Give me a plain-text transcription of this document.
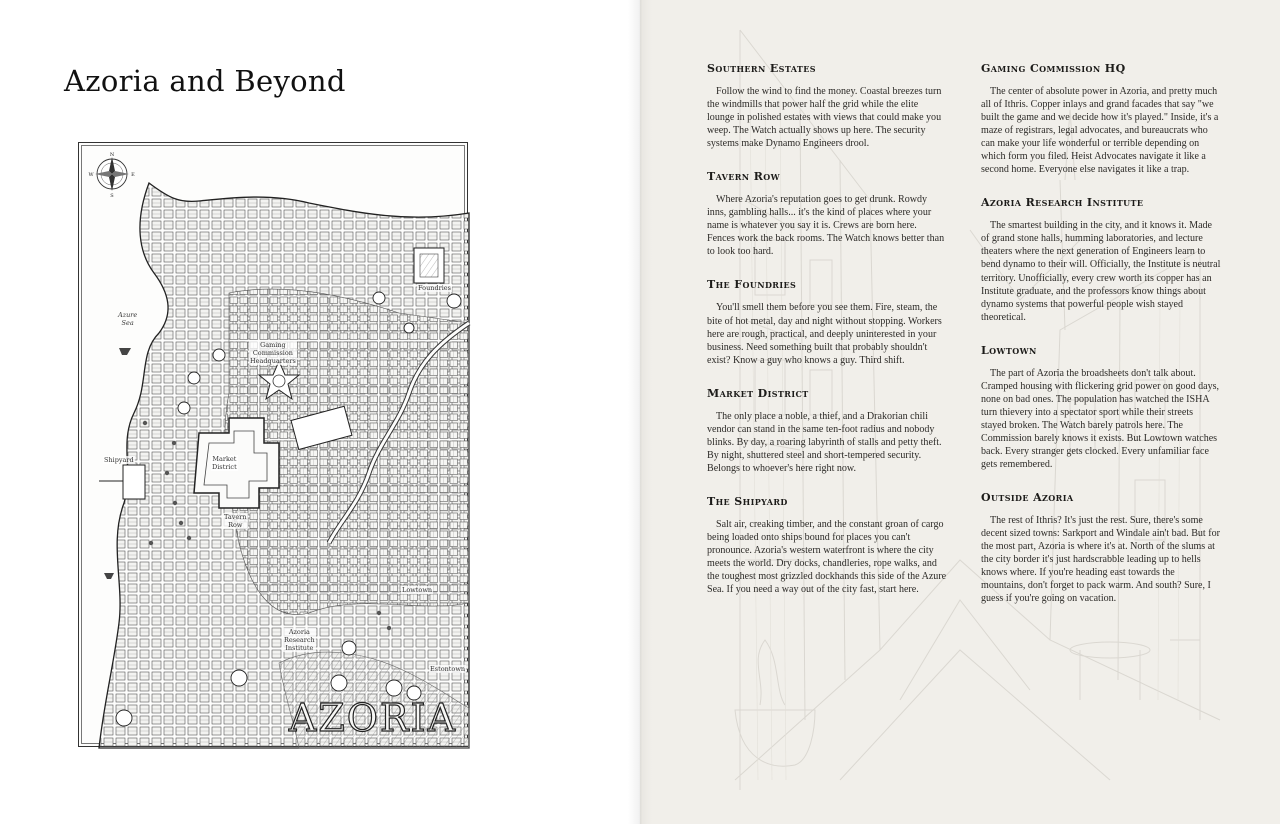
Azoria and Beyond
N
S
E
W
Azure
Sea
Gaming
Commission
Headquarters
Foundries
Shipyard	Market
District
Tavern
Row
Lowtown
Azoria
Research
Institute
Estontown
AZORIA
Southern Estates

Follow the wind to find the money. Coastal breezes turn the windmills that power half the grid while the elite lounge in polished estates with views that could make you weep. The Watch actually shows up here. The security systems make Dynamo Engineers drool.

Tavern Row

Where Azoria's reputation goes to get drunk. Rowdy inns, gambling halls... it's the kind of places where your name is whatever you say it is. Crews are born here. Fences work the back rooms. The Watch knows better than to look too hard.

The Foundries

You'll smell them before you see them. Fire, steam, the bite of hot metal, day and night without stopping. Workers here are rough, practical, and deeply uninterested in your business. Need something built that probably shouldn't exist? Know a guy who knows a guy. Third shift.

Market District

The only place a noble, a thief, and a Drakorian chili vendor can stand in the same ten-foot radius and nobody blinks. By day, a roaring labyrinth of stalls and petty theft. By night, shuttered steel and short-tempered security. Belongs to whoever's here right now.

The Shipyard

Salt air, creaking timber, and the constant groan of cargo being loaded onto ships bound for places you can't pronounce. Azoria's western waterfront is where the city meets the world. Dry docks, chandleries, rope walks, and the toughest most grizzled dockhands this side of the Azure Sea. If you need a way out of the city fast, start here.

Gaming Commission HQ

The center of absolute power in Azoria, and pretty much all of Ithris. Copper inlays and grand facades that say "we built the game and we decide how it's played." Inside, it's a maze of registrars, legal advocates, and bureaucrats who can make your life wonderful or terrible depending on which form you filed. Heist Advocates navigate it like a second home. Everyone else navigates it like a trap.

Azoria Research Institute

The smartest building in the city, and it knows it. Made of grand stone halls, humming laboratories, and lecture theaters where the next generation of Engineers learn to bend dynamo to their will. Officially, the Institute is neutral territory. Unofficially, every crew worth its copper has an Institute graduate, and the professors know things about dynamo systems that powerful people wish stayed theoretical.

Lowtown

The part of Azoria the broadsheets don't talk about. Cramped housing with flickering grid power on good days, none on bad ones. The population has watched the ISHA turn thievery into a spectator sport while their streets stayed broken. The Watch barely patrols here. The Commission barely knows it exists. But Lowtown watches back. Every stranger gets clocked. Every unfamiliar face gets remembered.

Outside Azoria

The rest of Ithris? It's just the rest. Sure, there's some decent sized towns: Sarkport and Windale ain't bad. But for the most part, Azoria is where it's at. North of the slums at the city border it's just hardscrabble leading up to hells knows where. If you're heading east towards the mountains, don't forget to pack warm. And south? Sure, I guess if you're going on vacation.
